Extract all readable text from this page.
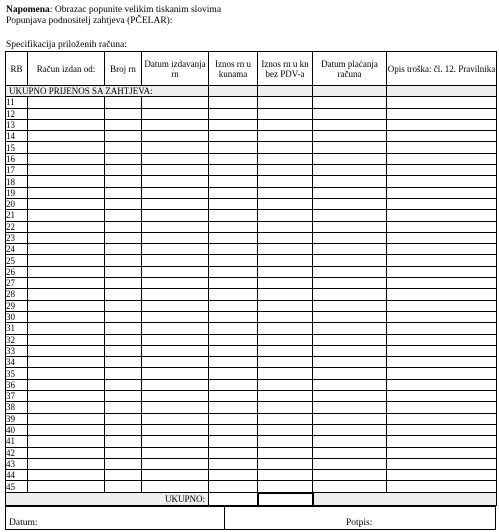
Napomena: Obrazac popunite velikim tiskanim slovima
Popunjava podnositelj zahtjeva (PČELAR):
Specifikacija priloženih računa:
RB	Račun izdan od:	Broj rn	Datum izdavanja rn	Iznos rn u kunama	Iznos rn u kn bez PDV-a	Datum plaćanja računa	Opis troška: čl. 12. Pravilnika
UKUPNO PRIJENOS SA ZAHTJEVA:							
11							
12							
13							
14							
15							
16							
17							
18							
19							
20							
21							
22							
23							
24							
25							
26							
27							
28							
29							
30							
31							
32							
33							
34							
35							
36							
37							
38							
39							
40							
41							
42							
43							
44							
45							
UKUPNO:							
Datum:	Potpis:
